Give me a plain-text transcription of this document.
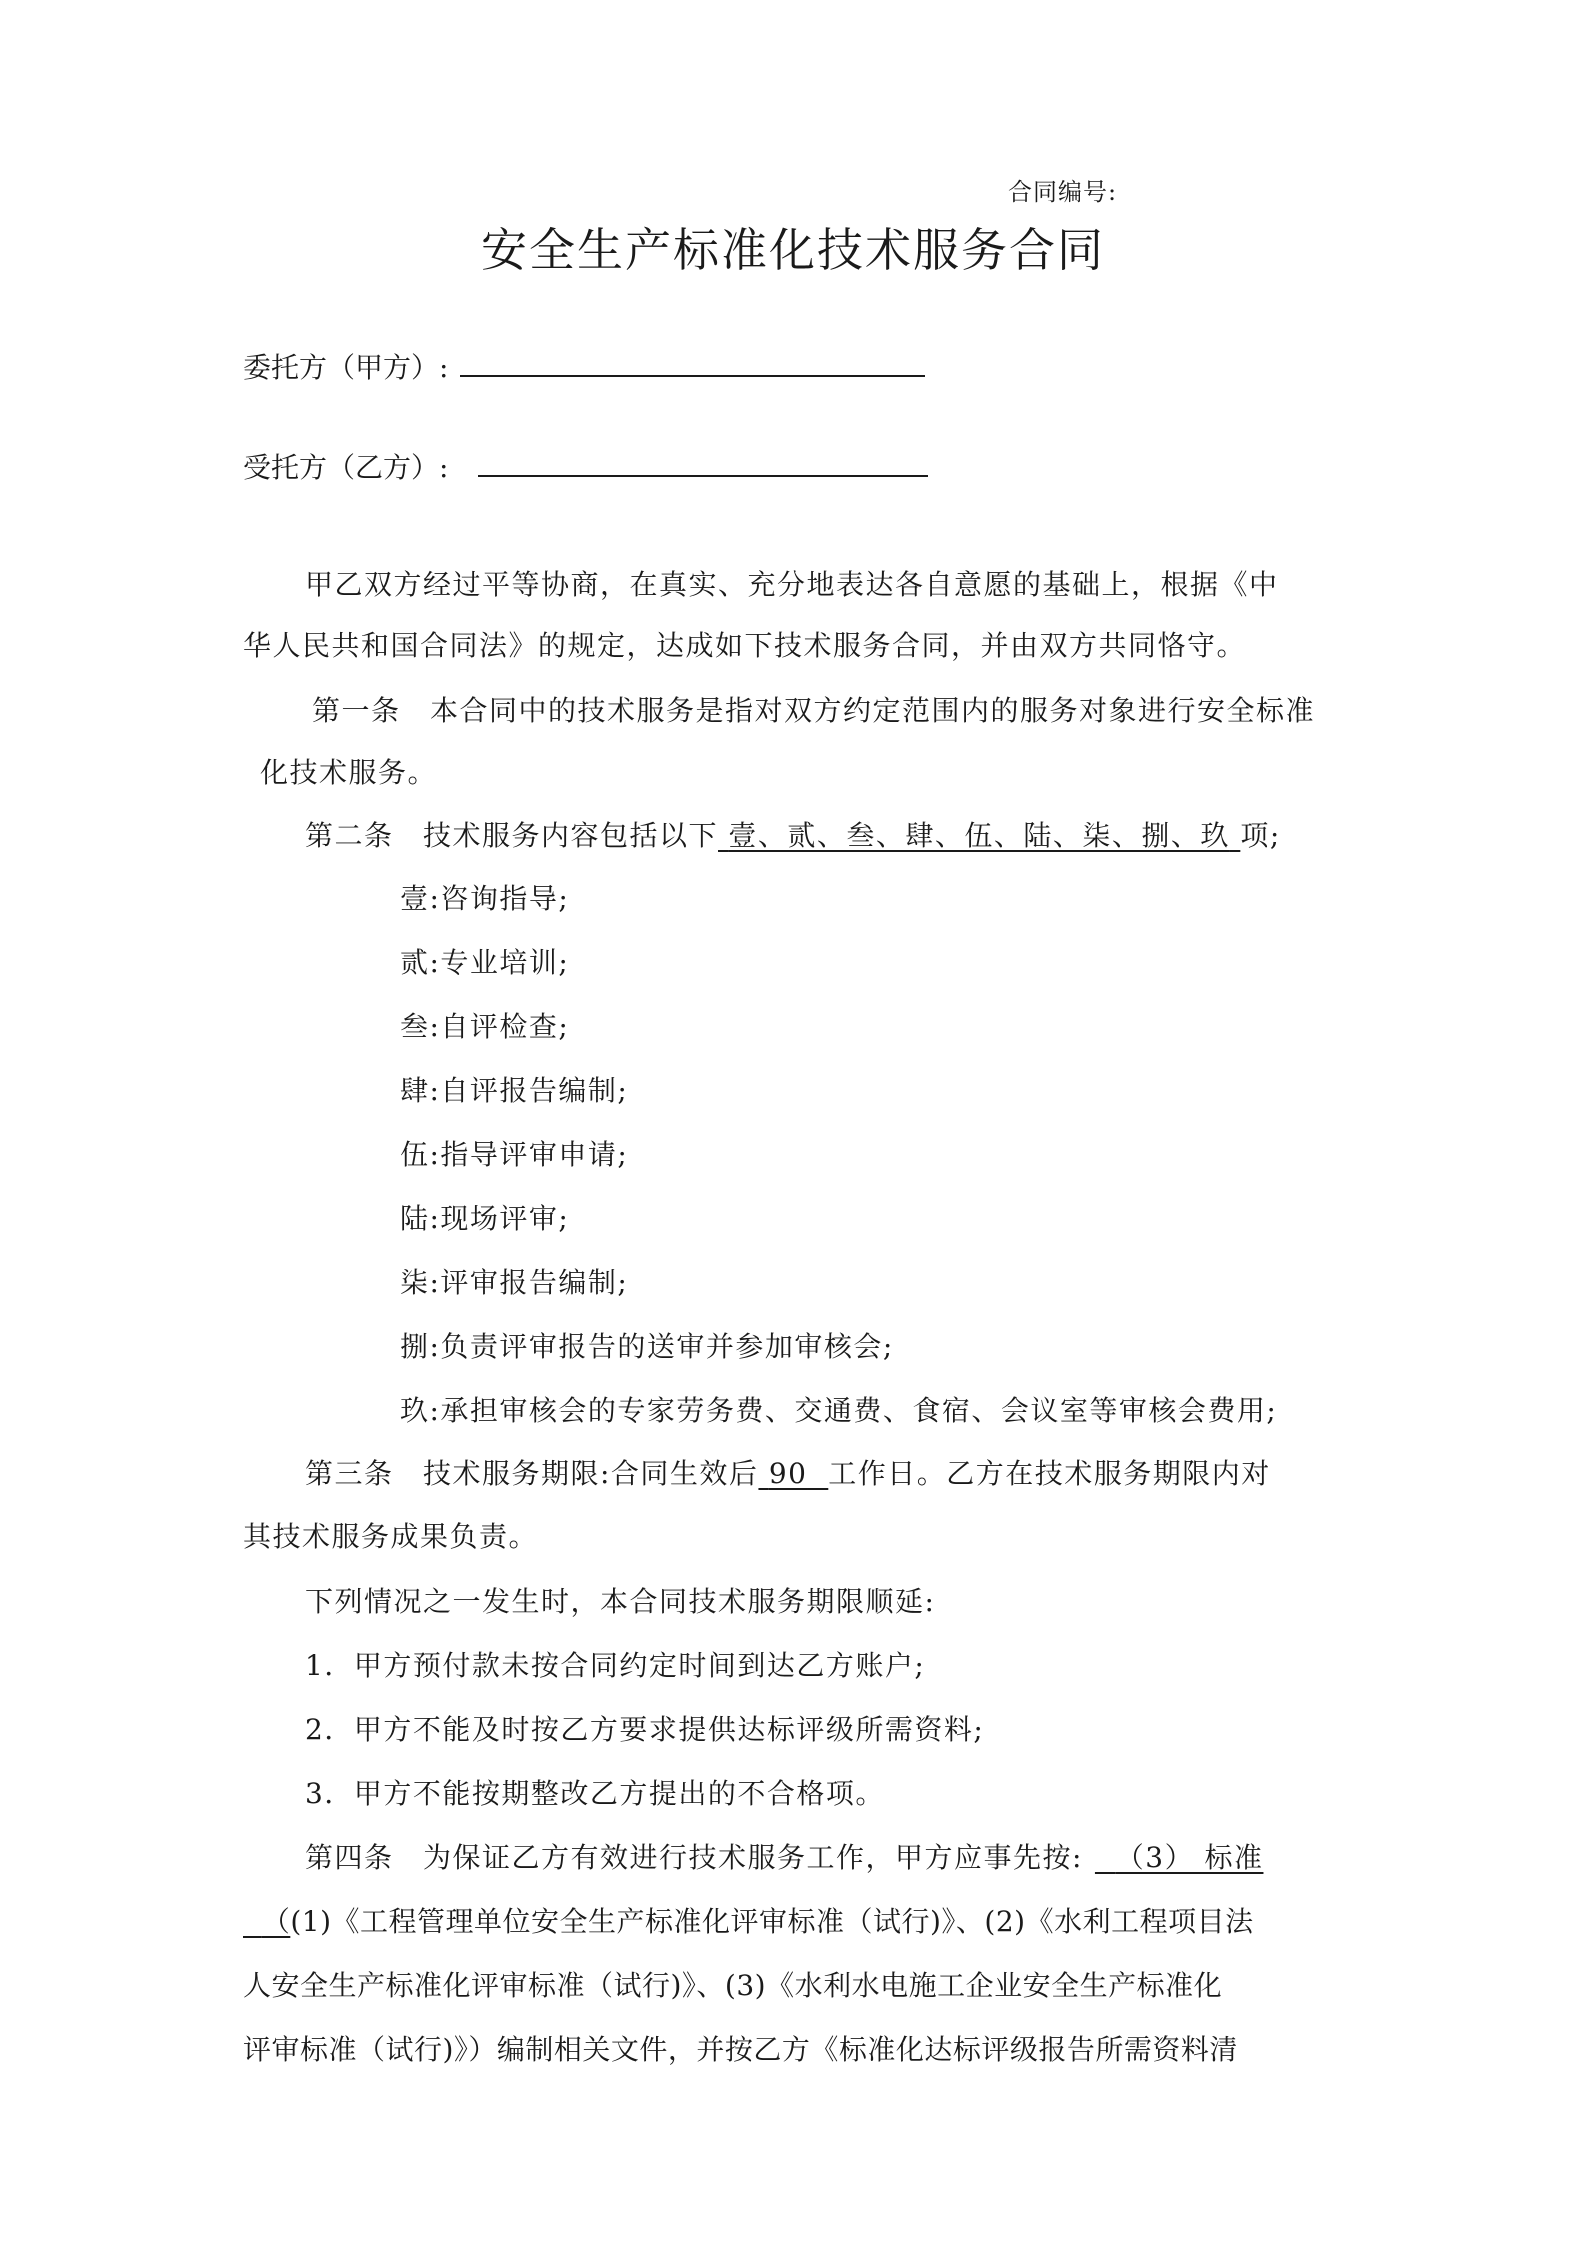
合同编号:
安全生产标准化技术服务合同
委托方（甲方）:
受托方（乙方）:
甲乙双方经过平等协商，在真实、充分地表达各自意愿的基础上，根据《中
华人民共和国合同法》的规定，达成如下技术服务合同，并由双方共同恪守。
第一条　本合同中的技术服务是指对双方约定范围内的服务对象进行安全标准
化技术服务。
第二条　技术服务内容包括以下 壹、贰、叁、肆、伍、陆、柒、捌、玖 项;
壹:咨询指导;
贰:专业培训;
叁:自评检查;
肆:自评报告编制;
伍:指导评审申请;
陆:现场评审;
柒:评审报告编制;
捌:负责评审报告的送审并参加审核会;
玖:承担审核会的专家劳务费、交通费、食宿、会议室等审核会费用;
第三条　技术服务期限:合同生效后 90 工作日。乙方在技术服务期限内对
其技术服务成果负责。
下列情况之一发生时，本合同技术服务期限顺延:
1．甲方预付款未按合同约定时间到达乙方账户;
2．甲方不能及时按乙方要求提供达标评级所需资料;
3．甲方不能按期整改乙方提出的不合格项。
第四条　为保证乙方有效进行技术服务工作，甲方应事先按: （3） 标准
（(1)《工程管理单位安全生产标准化评审标准（试行)》、(2)《水利工程项目法
人安全生产标准化评审标准（试行)》、(3)《水利水电施工企业安全生产标准化
评审标准（试行)》）编制相关文件，并按乙方《标准化达标评级报告所需资料清
